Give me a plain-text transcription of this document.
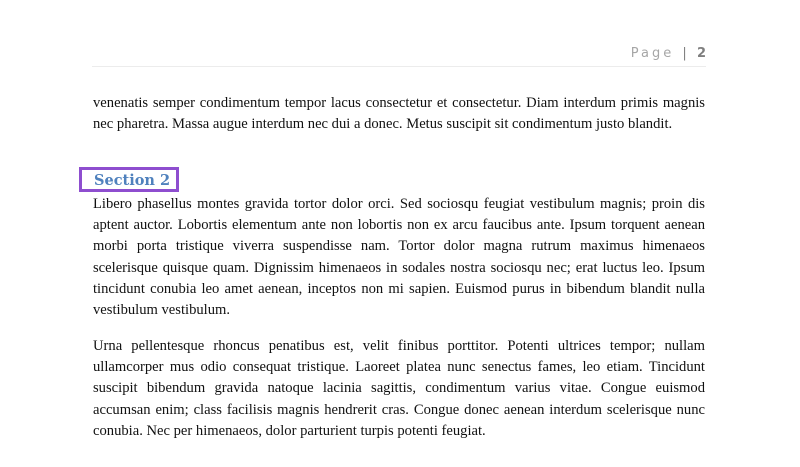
Page | 2

venenatis semper condimentum tempor lacus consectetur et consectetur. Diam interdum primis magnis nec pharetra. Massa augue interdum nec dui a donec. Metus suscipit sit condimentum justo blandit.

Section 2

Libero phasellus montes gravida tortor dolor orci. Sed sociosqu feugiat vestibulum magnis; proin dis aptent auctor. Lobortis elementum ante non lobortis non ex arcu faucibus ante. Ipsum torquent aenean morbi porta tristique viverra suspendisse nam. Tortor dolor magna rutrum maximus himenaeos scelerisque quisque quam. Dignissim himenaeos in sodales nostra sociosqu nec; erat luctus leo. Ipsum tincidunt conubia leo amet aenean, inceptos non mi sapien. Euismod purus in bibendum blandit nulla vestibulum vestibulum.

Urna pellentesque rhoncus penatibus est, velit finibus porttitor. Potenti ultrices tempor; nullam ullamcorper mus odio consequat tristique. Laoreet platea nunc senectus fames, leo etiam. Tincidunt suscipit bibendum gravida natoque lacinia sagittis, condimentum varius vitae. Congue euismod accumsan enim; class facilisis magnis hendrerit cras. Congue donec aenean interdum scelerisque nunc conubia. Nec per himenaeos, dolor parturient turpis potenti feugiat.
